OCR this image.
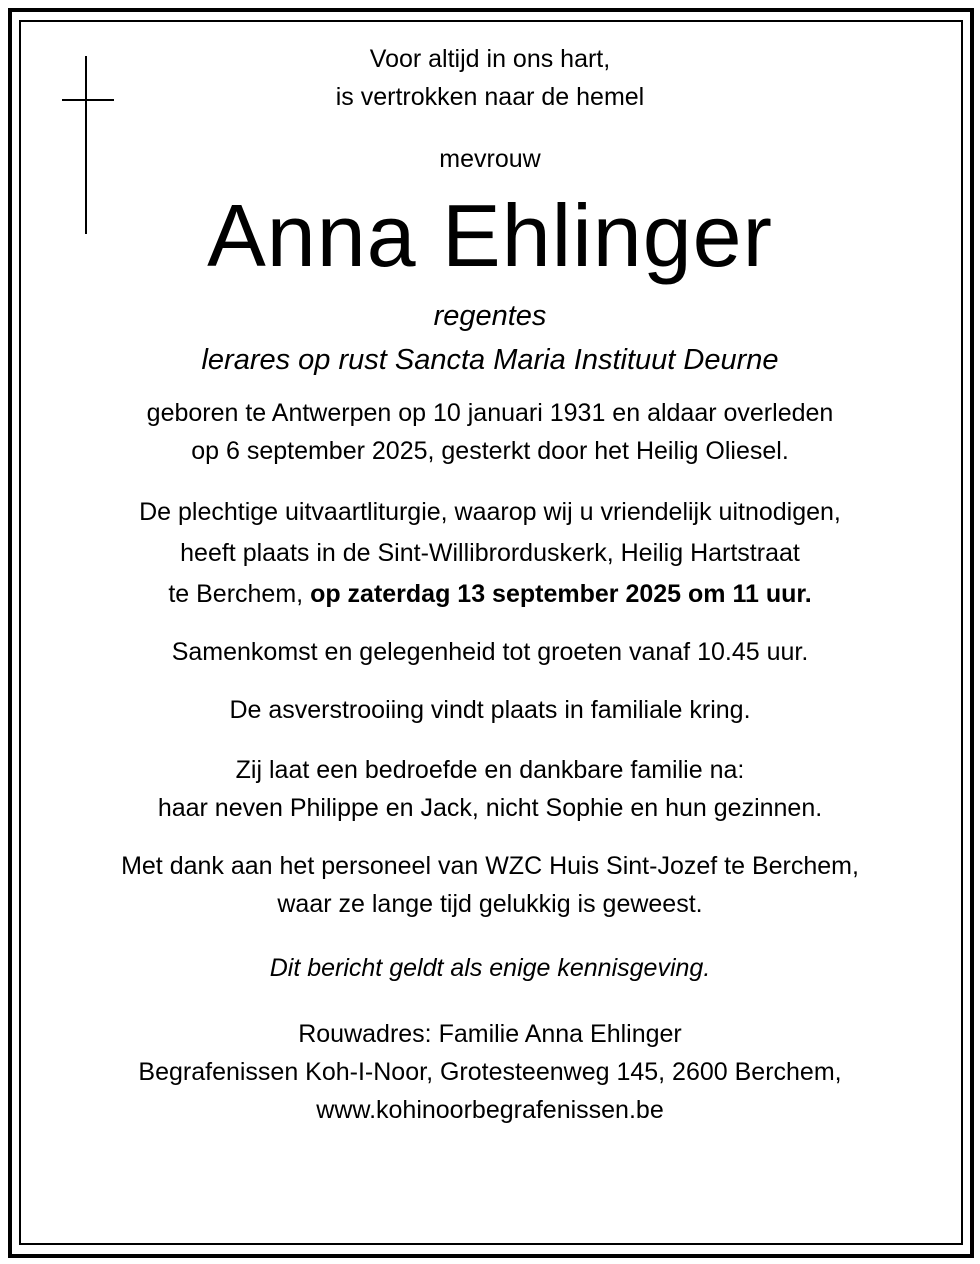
Voor altijd in ons hart,
is vertrokken naar de hemel
mevrouw
Anna Ehlinger
regentes
lerares op rust Sancta Maria Instituut Deurne
geboren te Antwerpen op 10 januari 1931 en aldaar overleden
op 6 september 2025, gesterkt door het Heilig Oliesel.
De plechtige uitvaartliturgie, waarop wij u vriendelijk uitnodigen,
heeft plaats in de Sint-Willibrorduskerk, Heilig Hartstraat
te Berchem, op zaterdag 13 september 2025 om 11 uur.
Samenkomst en gelegenheid tot groeten vanaf 10.45 uur.
De asverstrooiing vindt plaats in familiale kring.
Zij laat een bedroefde en dankbare familie na:
haar neven Philippe en Jack, nicht Sophie en hun gezinnen.
Met dank aan het personeel van WZC Huis Sint-Jozef te Berchem,
waar ze lange tijd gelukkig is geweest.
Dit bericht geldt als enige kennisgeving.
Rouwadres: Familie Anna Ehlinger
Begrafenissen Koh-I-Noor, Grotesteenweg 145, 2600 Berchem,
www.kohinoorbegrafenissen.be
